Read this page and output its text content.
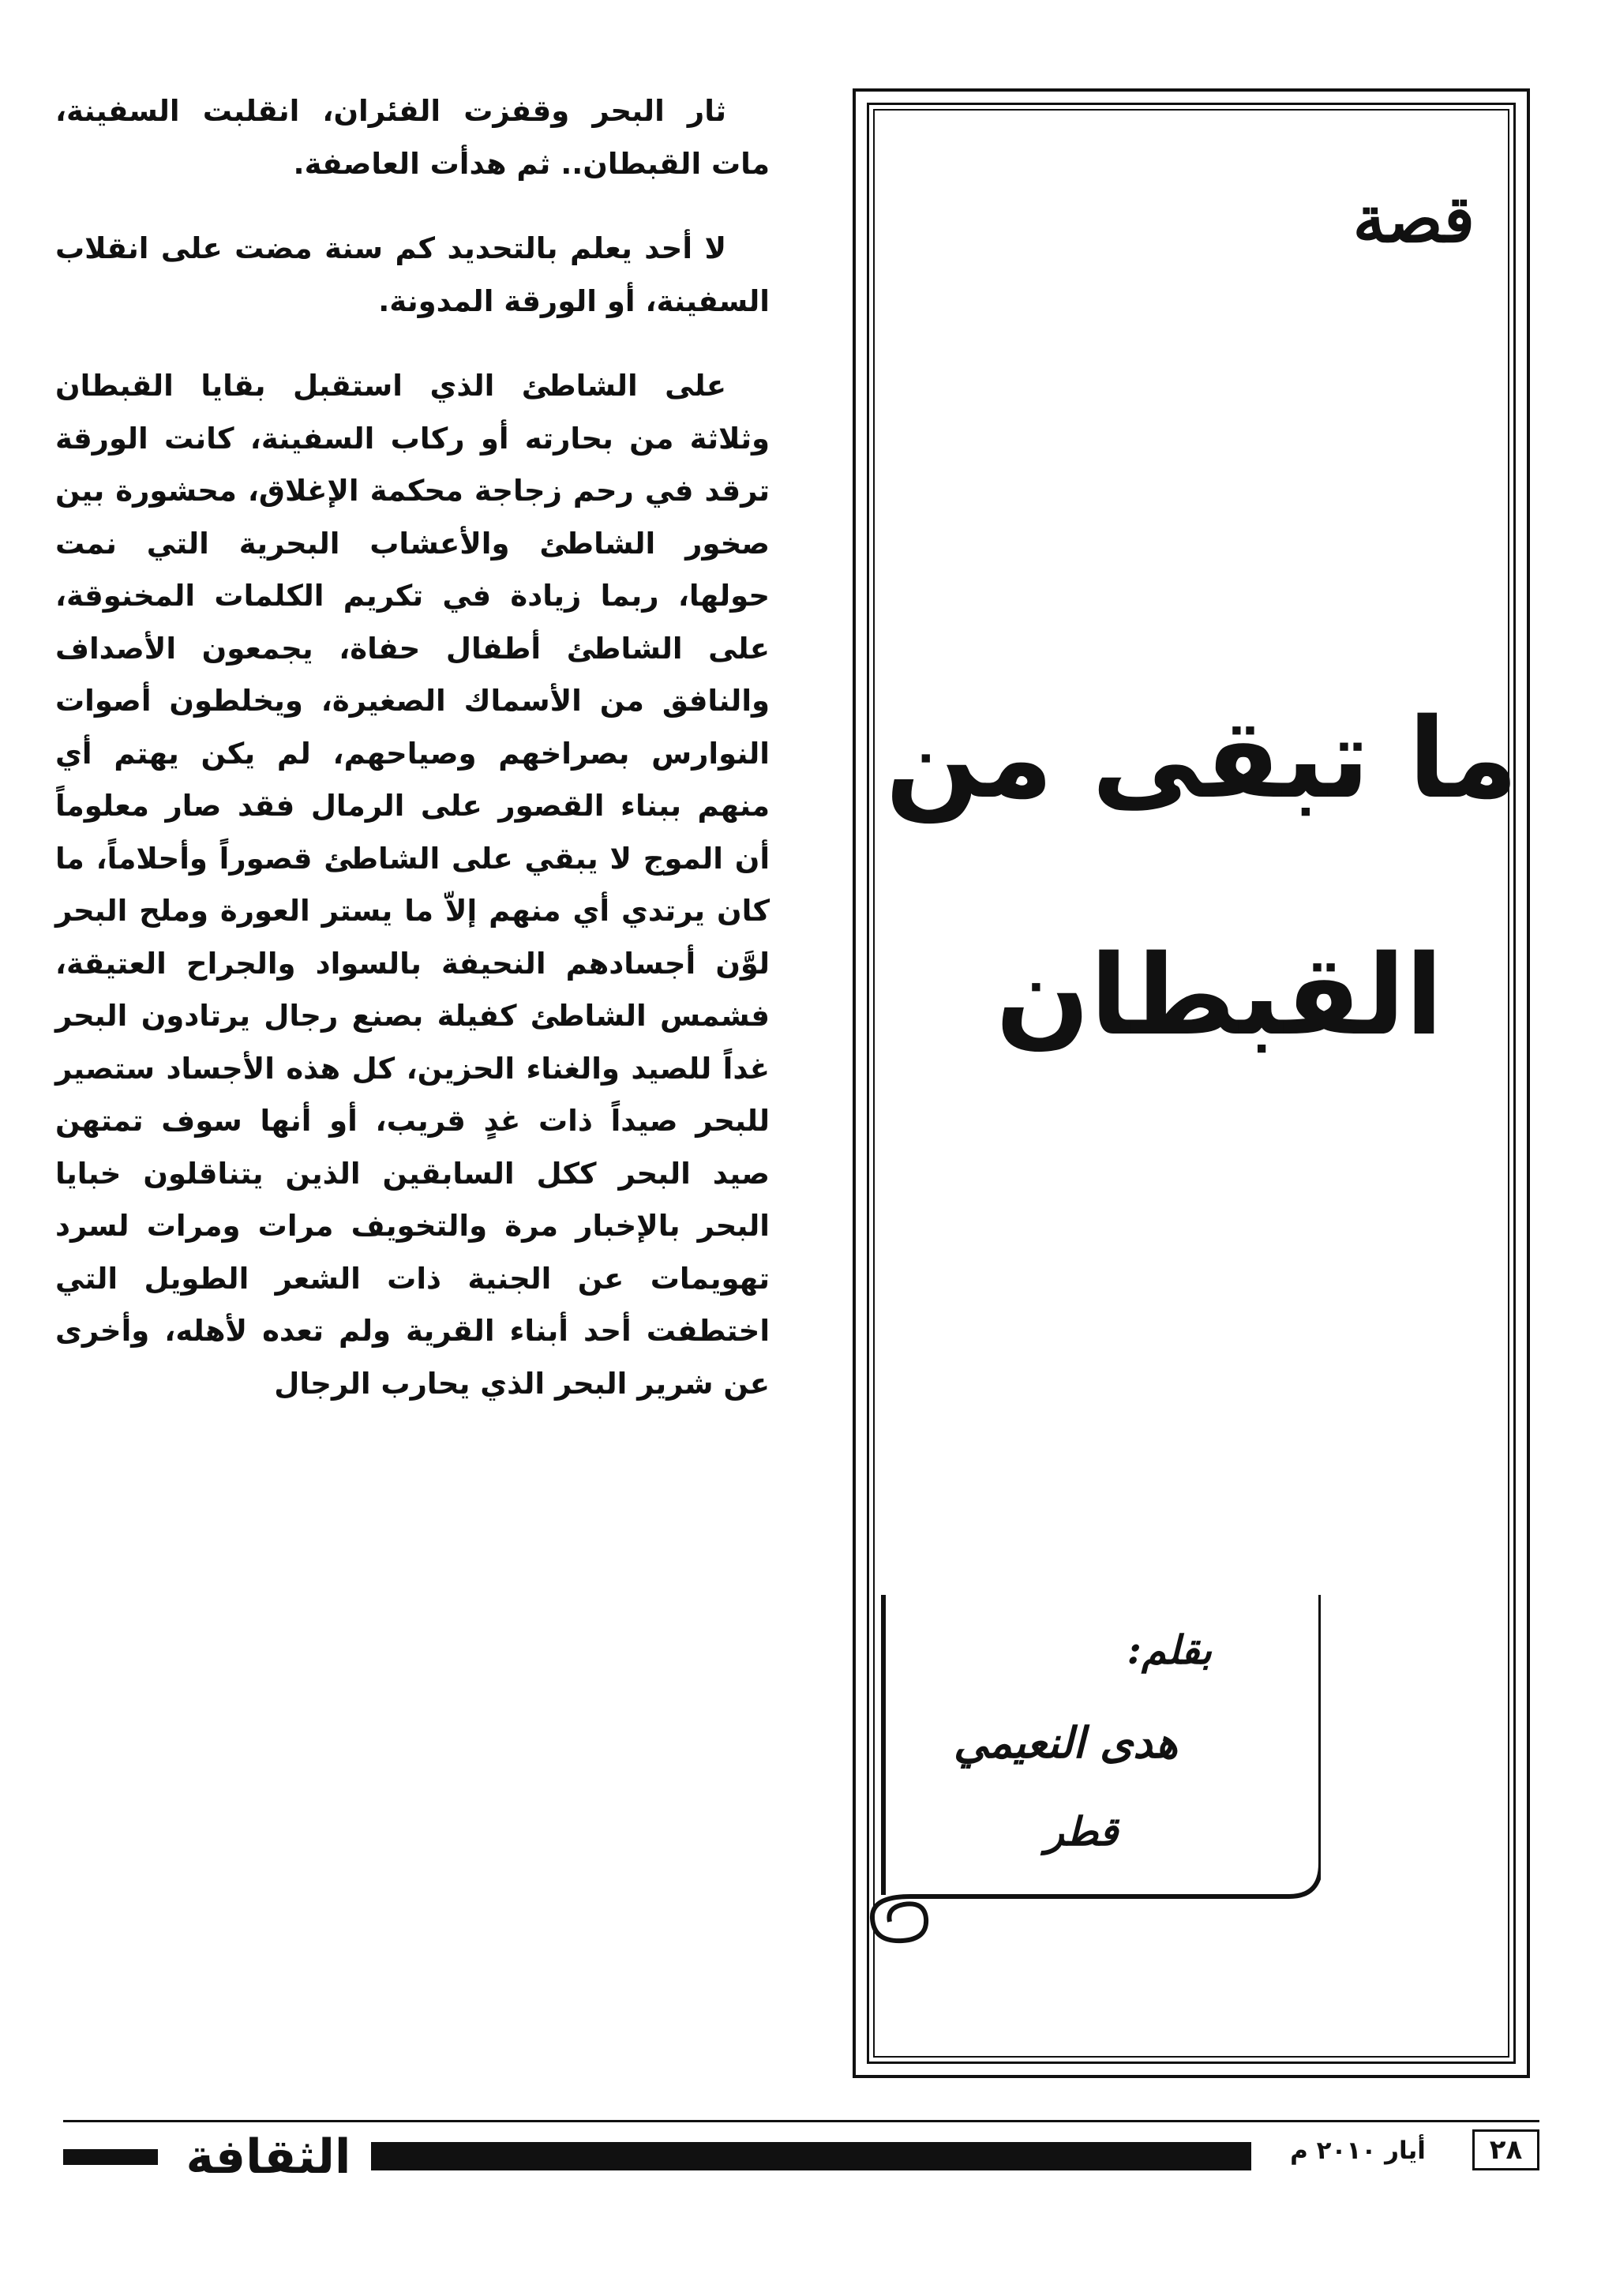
ثار البحر وقفزت الفئران، انقلبت السفينة، مات القبطان.. ثم هدأت العاصفة.

لا أحد يعلم بالتحديد كم سنة مضت على انقلاب السفينة، أو الورقة المدونة.

على الشاطئ الذي استقبل بقايا القبطان وثلاثة من بحارته أو ركاب السفينة، كانت الورقة ترقد في رحم زجاجة محكمة الإغلاق، محشورة بين صخور الشاطئ والأعشاب البحرية التي نمت حولها، ربما زيادة في تكريم الكلمات المخنوقة، على الشاطئ أطفال حفاة، يجمعون الأصداف والنافق من الأسماك الصغيرة، ويخلطون أصوات النوارس بصراخهم وصياحهم، لم يكن يهتم أي منهم ببناء القصور على الرمال فقد صار معلوماً أن الموج لا يبقي على الشاطئ قصوراً وأحلاماً، ما كان يرتدي أي منهم إلاّ ما يستر العورة وملح البحر لوَّن أجسادهم النحيفة بالسواد والجراح العتيقة، فشمس الشاطئ كفيلة بصنع رجال يرتادون البحر غداً للصيد والغناء الحزين، كل هذه الأجساد ستصير للبحر صيداً ذات غدٍ قريب، أو أنها سوف تمتهن صيد البحر ككل السابقين الذين يتناقلون خبايا البحر بالإخبار مرة والتخويف مرات ومرات لسرد تهويمات عن الجنية ذات الشعر الطويل التي اختطفت أحد أبناء القرية ولم تعده لأهله، وأخرى عن شرير البحر الذي يحارب الرجال

قصة
ما تبقى من
القبطان
بقلم:
هدى النعيمي
قطر
الثقافة	أيار ٢٠١٠ م	٢٨
